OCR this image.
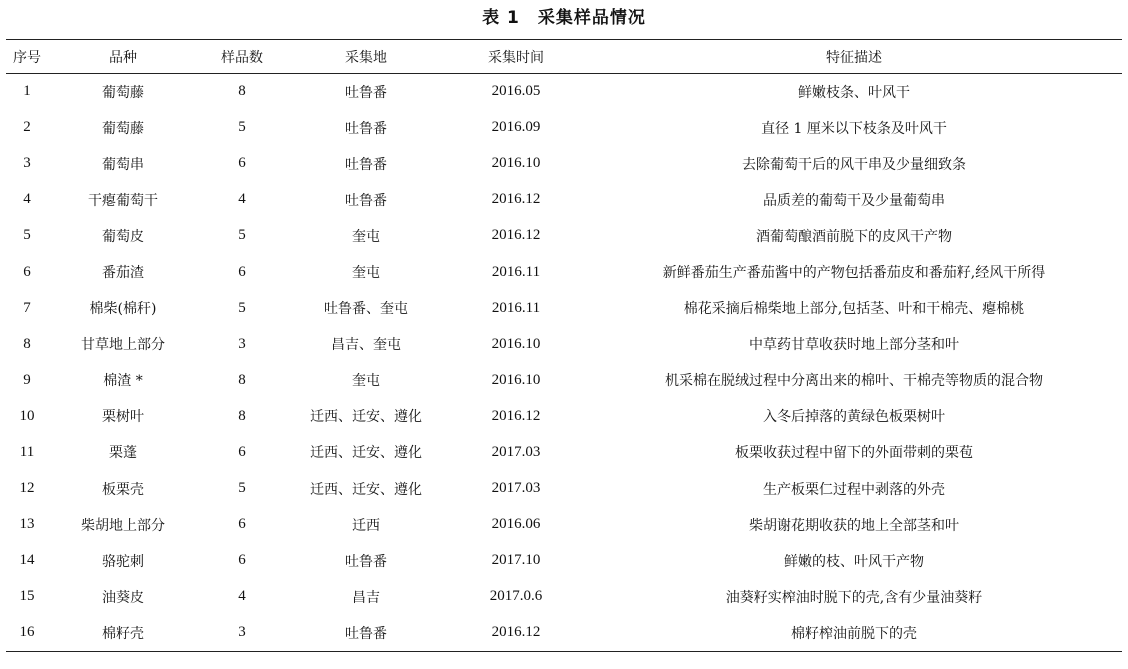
表 1 采集样品情况
序号	品种	样品数	采集地	采集时间	特征描述
1	葡萄藤	8	吐鲁番	2016.05	鲜嫩枝条、叶风干
2	葡萄藤	5	吐鲁番	2016.09	直径 1 厘米以下枝条及叶风干
3	葡萄串	6	吐鲁番	2016.10	去除葡萄干后的风干串及少量细致条
4	干瘪葡萄干	4	吐鲁番	2016.12	品质差的葡萄干及少量葡萄串
5	葡萄皮	5	奎屯	2016.12	酒葡萄酿酒前脱下的皮风干产物
6	番茄渣	6	奎屯	2016.11	新鲜番茄生产番茄酱中的产物包括番茄皮和番茄籽,经风干所得
7	棉柴(棉秆)	5	吐鲁番、奎屯	2016.11	棉花采摘后棉柴地上部分,包括茎、叶和干棉壳、瘪棉桃
8	甘草地上部分	3	昌吉、奎屯	2016.10	中草药甘草收获时地上部分茎和叶
9	棉渣 *	8	奎屯	2016.10	机采棉在脱绒过程中分离出来的棉叶、干棉壳等物质的混合物
10	栗树叶	8	迁西、迁安、遵化	2016.12	入冬后掉落的黄绿色板栗树叶
11	栗蓬	6	迁西、迁安、遵化	2017.03	板栗收获过程中留下的外面带刺的栗苞
12	板栗壳	5	迁西、迁安、遵化	2017.03	生产板栗仁过程中剥落的外壳
13	柴胡地上部分	6	迁西	2016.06	柴胡谢花期收获的地上全部茎和叶
14	骆驼刺	6	吐鲁番	2017.10	鲜嫩的枝、叶风干产物
15	油葵皮	4	昌吉	2017.0.6	油葵籽实榨油时脱下的壳,含有少量油葵籽
16	棉籽壳	3	吐鲁番	2016.12	棉籽榨油前脱下的壳
